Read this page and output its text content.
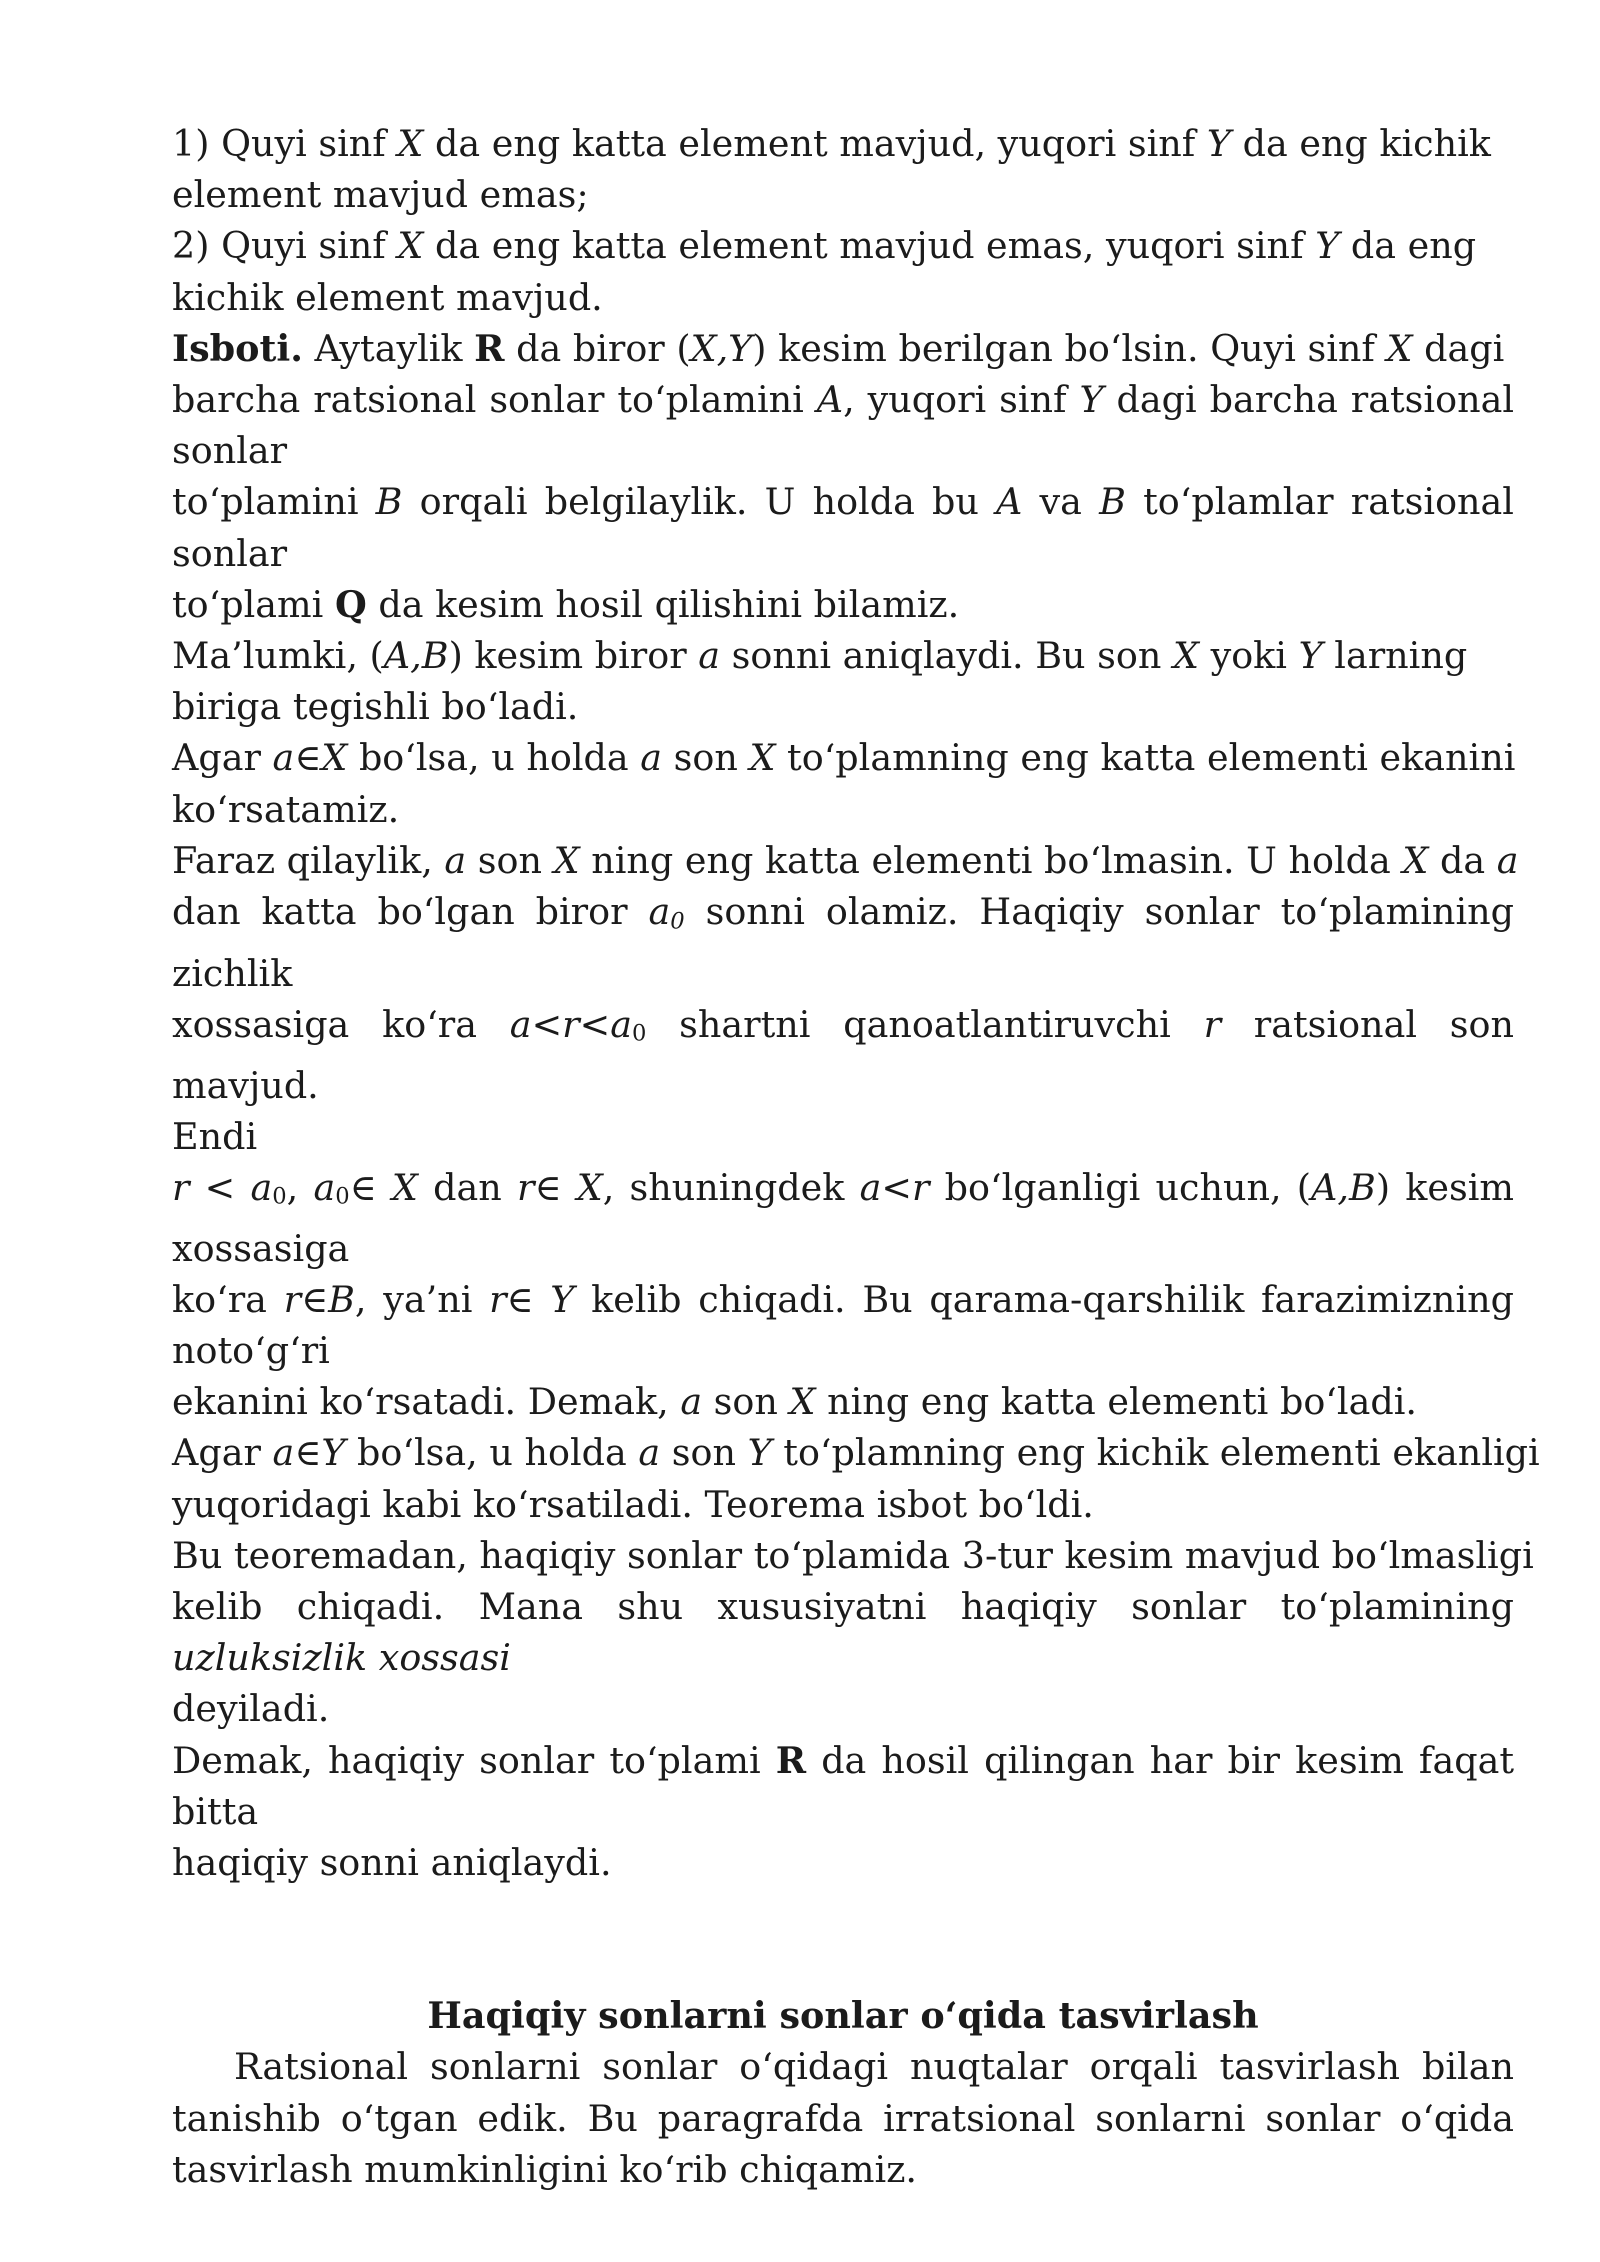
1) Quyi sinf X da eng katta element mavjud, yuqori sinf Y da eng kichik
element mavjud emas;
2) Quyi sinf X da eng katta element mavjud emas, yuqori sinf Y da eng
kichik element mavjud.
Isboti. Aytaylik R da biror (X,Y) kesim berilgan bo‘lsin. Quyi sinf X dagi
barcha ratsional sonlar to‘plamini A, yuqori sinf Y dagi barcha ratsional
sonlar
to‘plamini B orqali belgilaylik. U holda bu A va B to‘plamlar ratsional
sonlar
to‘plami Q da kesim hosil qilishini bilamiz.
Ma’lumki, (A,B) kesim biror a sonni aniqlaydi. Bu son X yoki Y larning
biriga tegishli bo‘ladi.
Agar a∈X bo‘lsa, u holda a son X to‘plamning eng katta elementi ekanini
ko‘rsatamiz.
Faraz qilaylik, a son X ning eng katta elementi bo‘lmasin. U holda X da a
dan katta bo‘lgan biror a0 sonni olamiz. Haqiqiy sonlar to‘plamining
zichlik
xossasiga ko‘ra a<r<a0 shartni qanoatlantiruvchi r ratsional son mavjud.
Endi
r < a0, a0∈ X dan r∈ X, shuningdek a<r bo‘lganligi uchun, (A,B) kesim
xossasiga
ko‘ra r∈B, ya’ni r∈ Y kelib chiqadi. Bu qarama-qarshilik farazimizning
noto‘g‘ri
ekanini ko‘rsatadi. Demak, a son X ning eng katta elementi bo‘ladi.
Agar a∈Y bo‘lsa, u holda a son Y to‘plamning eng kichik elementi ekanligi
yuqoridagi kabi ko‘rsatiladi. Teorema isbot bo‘ldi.
Bu teoremadan, haqiqiy sonlar to‘plamida 3-tur kesim mavjud bo‘lmasligi
kelib chiqadi. Mana shu xususiyatni haqiqiy sonlar to‘plamining
uzluksizlik xossasi
deyiladi.
Demak, haqiqiy sonlar to‘plami R da hosil qilingan har bir kesim faqat
bitta
haqiqiy sonni aniqlaydi.
Haqiqiy sonlarni sonlar o‘qida tasvirlash
Ratsional sonlarni sonlar o‘qidagi nuqtalar orqali tasvirlash bilan
tanishib o‘tgan edik. Bu paragrafda irratsional sonlarni sonlar o‘qida
tasvirlash mumkinligini ko‘rib chiqamiz.
